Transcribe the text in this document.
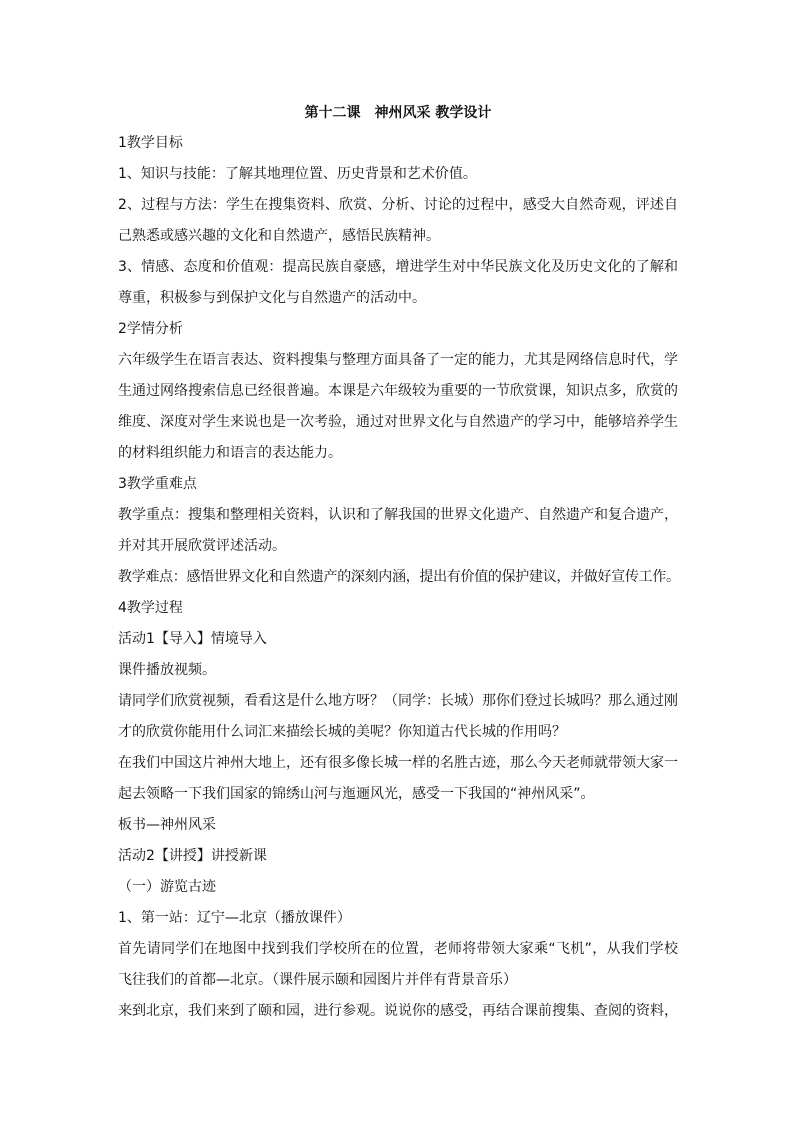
第十二课　神州风采 教学设计

1教学目标

1、知识与技能：了解其地理位置、历史背景和艺术价值。

2、过程与方法：学生在搜集资料、欣赏、分析、讨论的过程中，感受大自然奇观，评述自己熟悉或感兴趣的文化和自然遗产，感悟民族精神。

3、情感、态度和价值观：提高民族自豪感，增进学生对中华民族文化及历史文化的了解和尊重，积极参与到保护文化与自然遗产的活动中。

2学情分析

六年级学生在语言表达、资料搜集与整理方面具备了一定的能力，尤其是网络信息时代，学生通过网络搜索信息已经很普遍。本课是六年级较为重要的一节欣赏课，知识点多，欣赏的维度、深度对学生来说也是一次考验，通过对世界文化与自然遗产的学习中，能够培养学生的材料组织能力和语言的表达能力。

3教学重难点

教学重点：搜集和整理相关资料，认识和了解我国的世界文化遗产、自然遗产和复合遗产，并对其开展欣赏评述活动。

教学难点：感悟世界文化和自然遗产的深刻内涵，提出有价值的保护建议，并做好宣传工作。

4教学过程

活动1【导入】情境导入

课件播放视频。

请同学们欣赏视频，看看这是什么地方呀？（同学：长城）那你们登过长城吗？那么通过刚才的欣赏你能用什么词汇来描绘长城的美呢？你知道古代长城的作用吗？

在我们中国这片神州大地上，还有很多像长城一样的名胜古迹，那么今天老师就带领大家一起去领略一下我们国家的锦绣山河与迤逦风光，感受一下我国的“神州风采”。

板书—神州风采

活动2【讲授】讲授新课

（一）游览古迹

1、第一站：辽宁—北京（播放课件）

首先请同学们在地图中找到我们学校所在的位置，老师将带领大家乘“飞机”，从我们学校飞往我们的首都—北京。（课件展示颐和园图片并伴有背景音乐）

来到北京，我们来到了颐和园，进行参观。说说你的感受，再结合课前搜集、查阅的资料，
